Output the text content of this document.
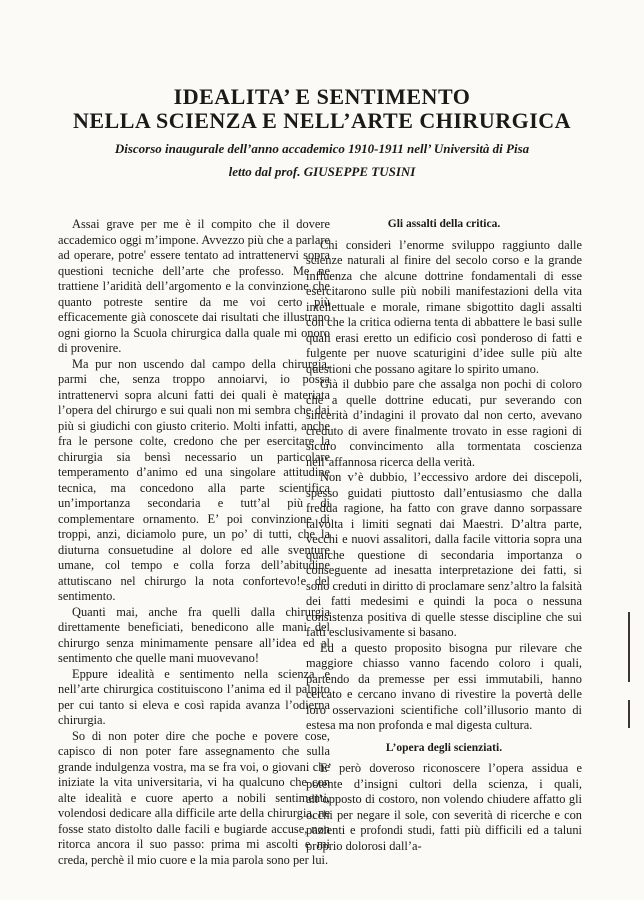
IDEALITA’ E SENTIMENTO
NELLA SCIENZA E NELL’ARTE CHIRURGICA

Discorso inaugurale dell’anno accademico 1910-1911 nell’ Università di Pisa

letto dal prof. GIUSEPPE TUSINI

Assai grave per me è il compito che il dovere accademico oggi m’impone. Avvezzo più che a parlare ad operare, potre' essere tentato ad intrattenervi sopra questioni tecniche dell’arte che professo. Me ne trattiene l’aridità dell’argomento e la convinzione che quanto potreste sentire da me voi certo più efficacemente già conoscete dai risultati che illustrano ogni giorno la Scuola chirurgica dalla quale mi onoro di provenire.

Ma pur non uscendo dal campo della chirurgia, parmi che, senza troppo annoiarvi, io possa intrattenervi sopra alcuni fatti dei quali è materiata l’opera del chirurgo e sui quali non mi sembra che dai più si giudichi con giusto criterio. Molti infatti, anche fra le persone colte, credono che per esercitare la chirurgia sia bensì necessario un particolare temperamento d’animo ed una singolare attitudine tecnica, ma concedono alla parte scientifica un’importanza secondaria e tutt’al più di complementare ornamento. E’ poi convinzione di troppi, anzi, diciamolo pure, un po’ di tutti, che la diuturna consuetudine al dolore ed alle sventure umane, col tempo e colla forza dell’abitudine attutiscano nel chirurgo la nota confortevo!e del sentimento.

Quanti mai, anche fra quelli dalla chirurgia direttamente beneficiati, benedicono alle mani del chirurgo senza minimamente pensare all’idea ed al sentimento che quelle mani muovevano!

Eppure idealità e sentimento nella scienza e nell’arte chirurgica costituiscono l’anima ed il palpito per cui tanto si eleva e così rapida avanza l’odierna chirurgia.

So di non poter dire che poche e povere cose, capisco di non poter fare assegnamento che sulla grande indulgenza vostra, ma se fra voi, o giovani che iniziate la vita universitaria, vi ha qualcuno che con alte idealità e cuore aperto a nobili sentimenti, volendosi dedicare alla difficile arte della chirurgia, ne fosse stato distolto dalle facili e bugiarde accuse, non ritorca ancora il suo passo: prima mi ascolti e mi creda, perchè il mio cuore e la mia parola sono per lui.

Gli assalti della critica.

Chi consideri l’enorme sviluppo raggiunto dalle scienze naturali al finire del secolo corso e la grande influenza che alcune dottrine fondamentali di esse esercitarono sulle più nobili manifestazioni della vita intellettuale e morale, rimane sbigottito dagli assalti con che la critica odierna tenta di abbattere le basi sulle quali erasi eretto un edificio così ponderoso di fatti e fulgente per nuove scaturigini d’idee sulle più alte questioni che possano agitare lo spirito umano.

Già il dubbio pare che assalga non pochi di coloro che a quelle dottrine educati, pur severando con sincerità d’indagini il provato dal non certo, avevano creduto di avere finalmente trovato in esse ragioni di sicuro convincimento alla tormentata coscienza nell’affannosa ricerca della verità.

Non v’è dubbio, l’eccessivo ardore dei discepoli, spesso guidati piuttosto dall’entusiasmo che dalla fredda ragione, ha fatto con grave danno sorpassare talvolta i limiti segnati dai Maestri. D’altra parte, vecchi e nuovi assalitori, dalla facile vittoria sopra una qualche questione di secondaria importanza o conseguente ad inesatta interpretazione dei fatti, si sono creduti in diritto di proclamare senz’altro la falsità dei fatti medesimi e quindi la poca o nessuna consistenza positiva di quelle stesse discipline che sui fatti esclusivamente si basano.

Ed a questo proposito bisogna pur rilevare che maggiore chiasso vanno facendo coloro i quali, partendo da premesse per essi immutabili, hanno cercato e cercano invano di rivestire la povertà delle loro osservazioni scientifiche coll’illusorio manto di estesa ma non profonda e mal digesta cultura.

L’opera degli scienziati.

E’ però doveroso riconoscere l’opera assidua e potente d’insigni cultori della scienza, i quali, all’opposto di costoro, non volendo chiudere affatto gli occhi per negare il sole, con severità di ricerche e con pazienti e profondi studi, fatti più difficili ed a taluni proprio dolorosi dall’a-
